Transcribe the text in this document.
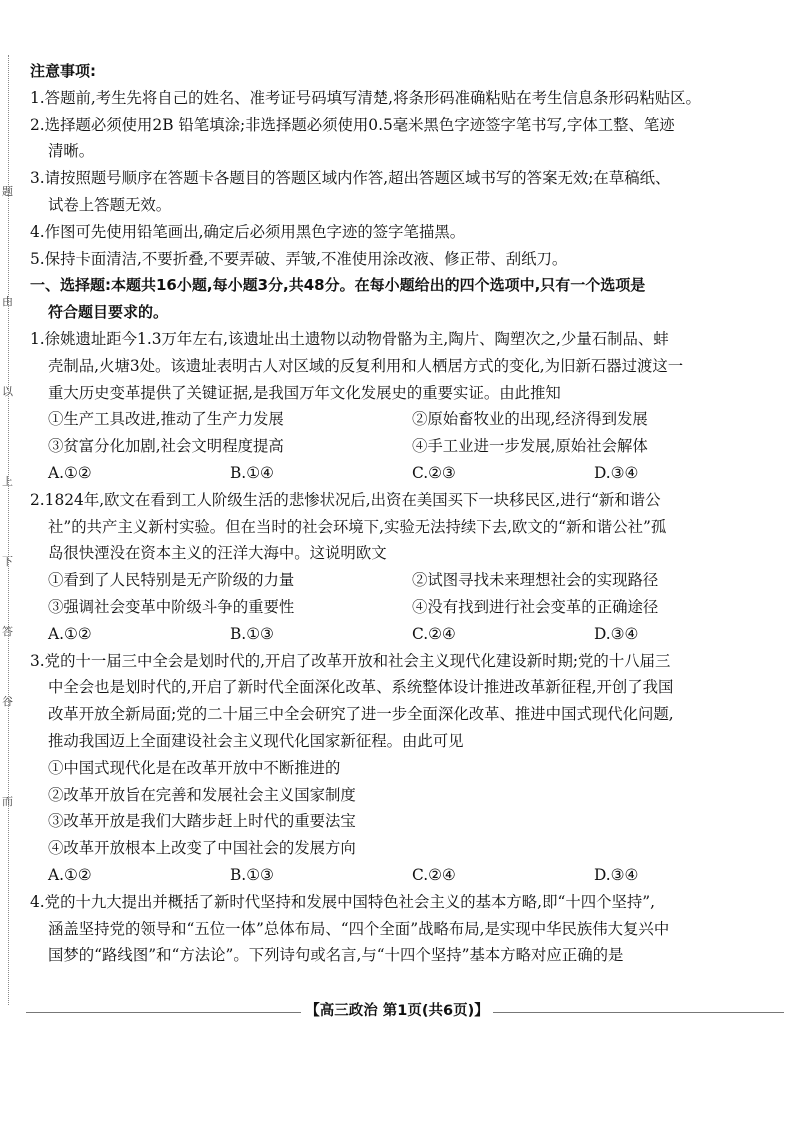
题
由
以
上
下
答
谷
而
注意事项:
1.答题前,考生先将自己的姓名、准考证号码填写清楚,将条形码准确粘贴在考生信息条形码粘贴区。
2.选择题必须使用2B 铅笔填涂;非选择题必须使用0.5毫米黑色字迹签字笔书写,字体工整、笔迹
清晰。
3.请按照题号顺序在答题卡各题目的答题区域内作答,超出答题区域书写的答案无效;在草稿纸、
试卷上答题无效。
4.作图可先使用铅笔画出,确定后必须用黑色字迹的签字笔描黑。
5.保持卡面清洁,不要折叠,不要弄破、弄皱,不准使用涂改液、修正带、刮纸刀。
一、选择题:本题共16小题,每小题3分,共48分。在每小题给出的四个选项中,只有一个选项是
符合题目要求的。
1.徐姚遗址距今1.3万年左右,该遗址出土遗物以动物骨骼为主,陶片、陶塑次之,少量石制品、蚌
壳制品,火塘3处。该遗址表明古人对区域的反复利用和人栖居方式的变化,为旧新石器过渡这一
重大历史变革提供了关键证据,是我国万年文化发展史的重要实证。由此推知
①生产工具改进,推动了生产力发展	②原始畜牧业的出现,经济得到发展
③贫富分化加剧,社会文明程度提高	④手工业进一步发展,原始社会解体
A.①②	B.①④	C.②③	D.③④
2.1824年,欧文在看到工人阶级生活的悲惨状况后,出资在美国买下一块移民区,进行“新和谐公
社”的共产主义新村实验。但在当时的社会环境下,实验无法持续下去,欧文的“新和谐公社”孤
岛很快湮没在资本主义的汪洋大海中。这说明欧文
①看到了人民特别是无产阶级的力量	②试图寻找未来理想社会的实现路径
③强调社会变革中阶级斗争的重要性	④没有找到进行社会变革的正确途径
A.①②	B.①③	C.②④	D.③④
3.党的十一届三中全会是划时代的,开启了改革开放和社会主义现代化建设新时期;党的十八届三
中全会也是划时代的,开启了新时代全面深化改革、系统整体设计推进改革新征程,开创了我国
改革开放全新局面;党的二十届三中全会研究了进一步全面深化改革、推进中国式现代化问题,
推动我国迈上全面建设社会主义现代化国家新征程。由此可见
①中国式现代化是在改革开放中不断推进的
②改革开放旨在完善和发展社会主义国家制度
③改革开放是我们大踏步赶上时代的重要法宝
④改革开放根本上改变了中国社会的发展方向
A.①②	B.①③	C.②④	D.③④
4.党的十九大提出并概括了新时代坚持和发展中国特色社会主义的基本方略,即“十四个坚持”,
涵盖坚持党的领导和“五位一体”总体布局、“四个全面”战略布局,是实现中华民族伟大复兴中
国梦的“路线图”和“方法论”。下列诗句或名言,与“十四个坚持”基本方略对应正确的是
【高三政治 第1页(共6页)】
